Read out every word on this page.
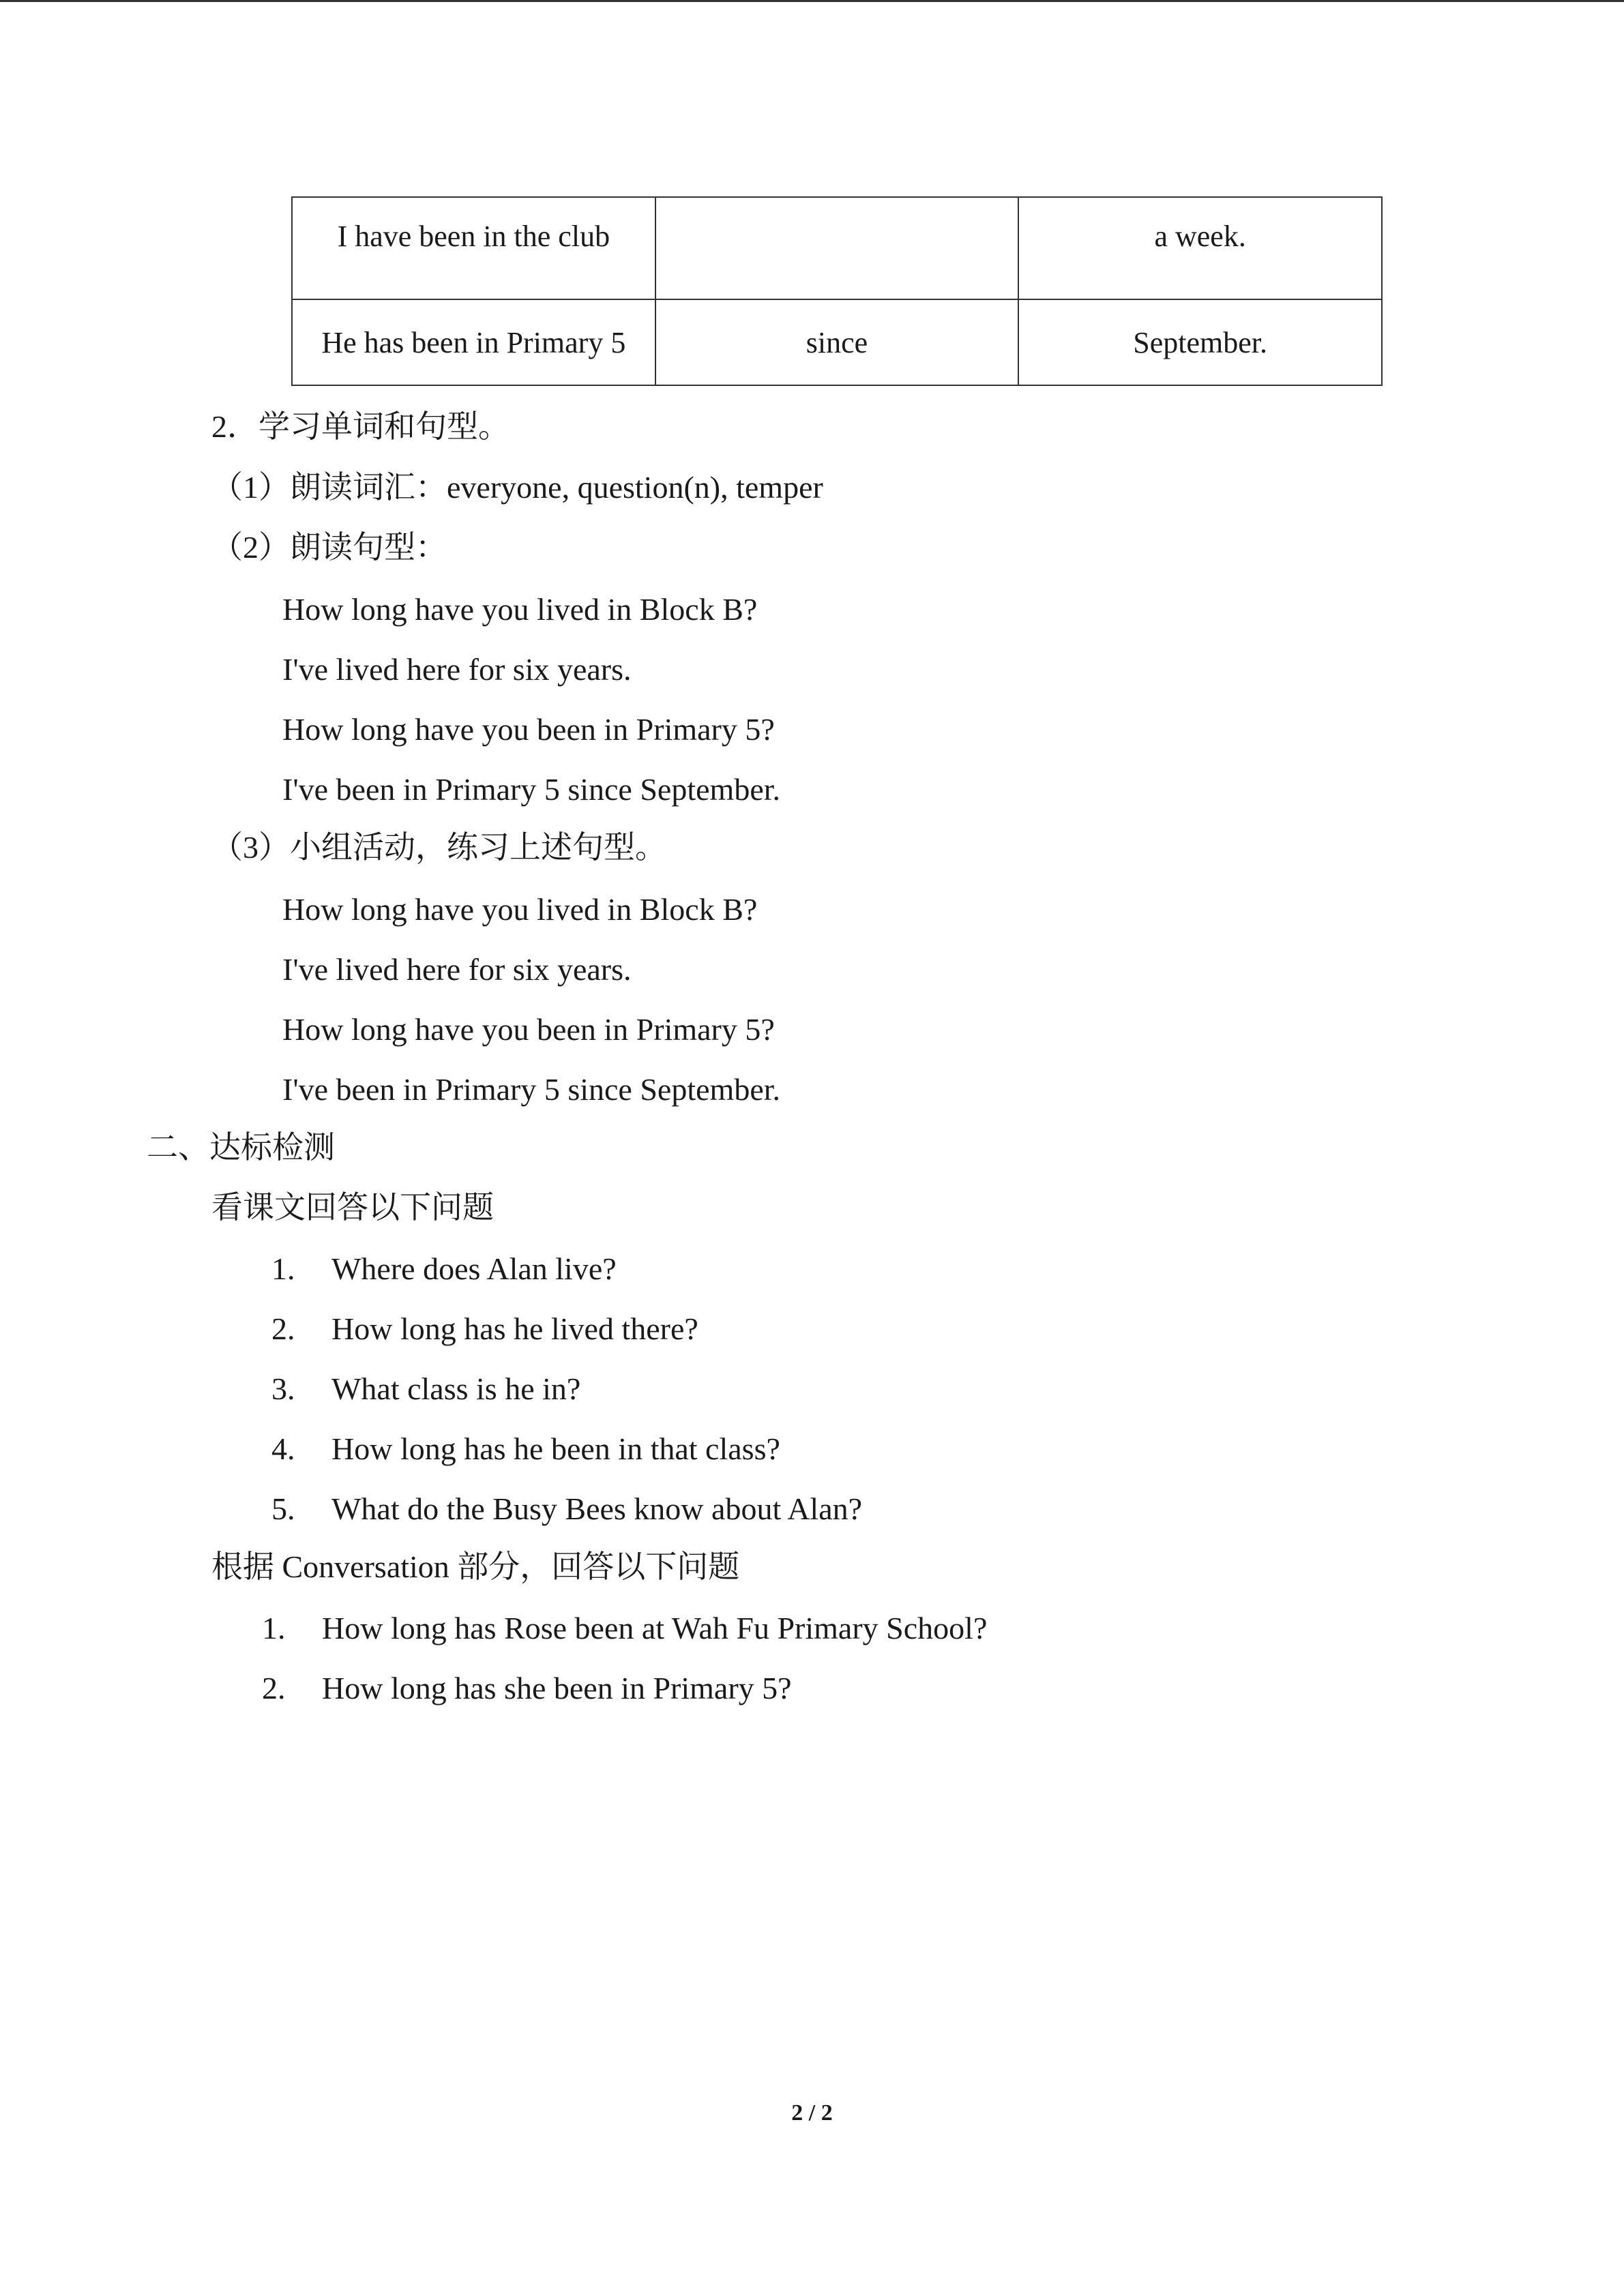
I have been in the club		a week.
He has been in Primary 5	since	September.
2．学习单词和句型。
（1）朗读词汇：everyone, question(n), temper
（2）朗读句型：
How long have you lived in Block B?
I've lived here for six years.
How long have you been in Primary 5?
I've been in Primary 5 since September.
（3）小组活动，练习上述句型。
How long have you lived in Block B?
I've lived here for six years.
How long have you been in Primary 5?
I've been in Primary 5 since September.
二、达标检测
看课文回答以下问题
1. Where does Alan live?
2. How long has he lived there?
3. What class is he in?
4. How long has he been in that class?
5. What do the Busy Bees know about Alan?
根据 Conversation 部分，回答以下问题
1. How long has Rose been at Wah Fu Primary School?
2. How long has she been in Primary 5?
2 / 2
